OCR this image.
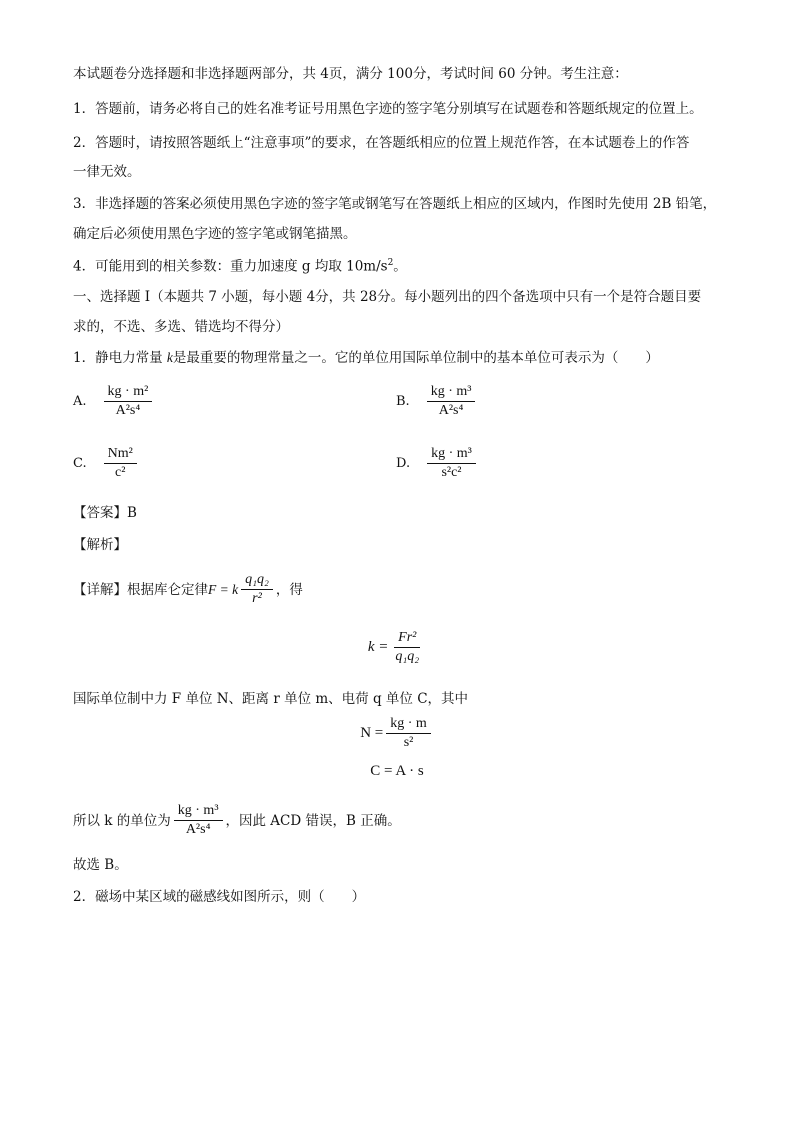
本试题卷分选择题和非选择题两部分，共 4页，满分 100分，考试时间 60 分钟。考生注意：
1．答题前，请务必将自己的姓名准考证号用黑色字迹的签字笔分别填写在试题卷和答题纸规定的位置上。
2．答题时，请按照答题纸上“注意事项”的要求，在答题纸相应的位置上规范作答，在本试题卷上的作答
一律无效。
3．非选择题的答案必须使用黑色字迹的签字笔或钢笔写在答题纸上相应的区域内，作图时先使用 2B 铅笔，
确定后必须使用黑色字迹的签字笔或钢笔描黑。
4．可能用到的相关参数：重力加速度 g 均取 $10m/s^2$。
一、选择题 I（本题共 7 小题，每小题 4分，共 28分。每小题列出的四个备选项中只有一个是符合题目要
求的，不选、多选、错选均不得分）
1．静电力常量 k是最重要的物理常量之一。它的单位用国际单位制中的基本单位可表示为（　　）
A. $\frac{\text{kg · m²}}{\text{A²s⁴}}$	B. $\frac{\text{kg · m³}}{\text{A²s⁴}}$
C. $\frac{\text{Nm²}}{\text{c²}}$	D. $\frac{\text{kg · m³}}{\text{s²c²}}$
【答案】B
【解析】
【详解】根据库仑定律 F = k $\frac{\text{q₁q₂}}{\text{r²}}$ ，得
$k = \frac{\text{Fr²}}{\text{q₁q₂}}$
国际单位制中力 F 单位 N、距离 r 单位 m、电荷 q 单位 C，其中
$N = \frac{kg \cdot m}{\text{s²}}$
C = A · s
所以 k 的单位为 $\frac{\text{kg · m³}}{\text{A²s⁴}}$ ，因此 ACD 错误，B 正确。
故选 B。
2．磁场中某区域的磁感线如图所示，则（　　）
